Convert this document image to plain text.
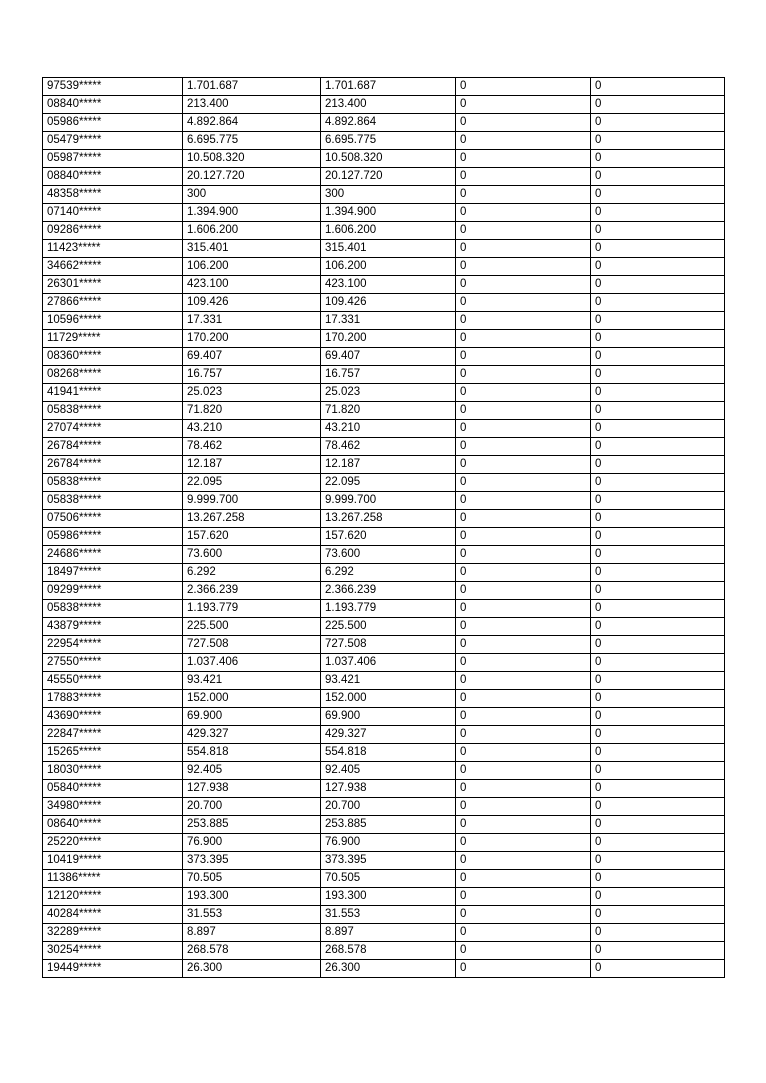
97539*****	1.701.687	1.701.687	0	0
08840*****	213.400	213.400	0	0
05986*****	4.892.864	4.892.864	0	0
05479*****	6.695.775	6.695.775	0	0
05987*****	10.508.320	10.508.320	0	0
08840*****	20.127.720	20.127.720	0	0
48358*****	300	300	0	0
07140*****	1.394.900	1.394.900	0	0
09286*****	1.606.200	1.606.200	0	0
11423*****	315.401	315.401	0	0
34662*****	106.200	106.200	0	0
26301*****	423.100	423.100	0	0
27866*****	109.426	109.426	0	0
10596*****	17.331	17.331	0	0
11729*****	170.200	170.200	0	0
08360*****	69.407	69.407	0	0
08268*****	16.757	16.757	0	0
41941*****	25.023	25.023	0	0
05838*****	71.820	71.820	0	0
27074*****	43.210	43.210	0	0
26784*****	78.462	78.462	0	0
26784*****	12.187	12.187	0	0
05838*****	22.095	22.095	0	0
05838*****	9.999.700	9.999.700	0	0
07506*****	13.267.258	13.267.258	0	0
05986*****	157.620	157.620	0	0
24686*****	73.600	73.600	0	0
18497*****	6.292	6.292	0	0
09299*****	2.366.239	2.366.239	0	0
05838*****	1.193.779	1.193.779	0	0
43879*****	225.500	225.500	0	0
22954*****	727.508	727.508	0	0
27550*****	1.037.406	1.037.406	0	0
45550*****	93.421	93.421	0	0
17883*****	152.000	152.000	0	0
43690*****	69.900	69.900	0	0
22847*****	429.327	429.327	0	0
15265*****	554.818	554.818	0	0
18030*****	92.405	92.405	0	0
05840*****	127.938	127.938	0	0
34980*****	20.700	20.700	0	0
08640*****	253.885	253.885	0	0
25220*****	76.900	76.900	0	0
10419*****	373.395	373.395	0	0
11386*****	70.505	70.505	0	0
12120*****	193.300	193.300	0	0
40284*****	31.553	31.553	0	0
32289*****	8.897	8.897	0	0
30254*****	268.578	268.578	0	0
19449*****	26.300	26.300	0	0
